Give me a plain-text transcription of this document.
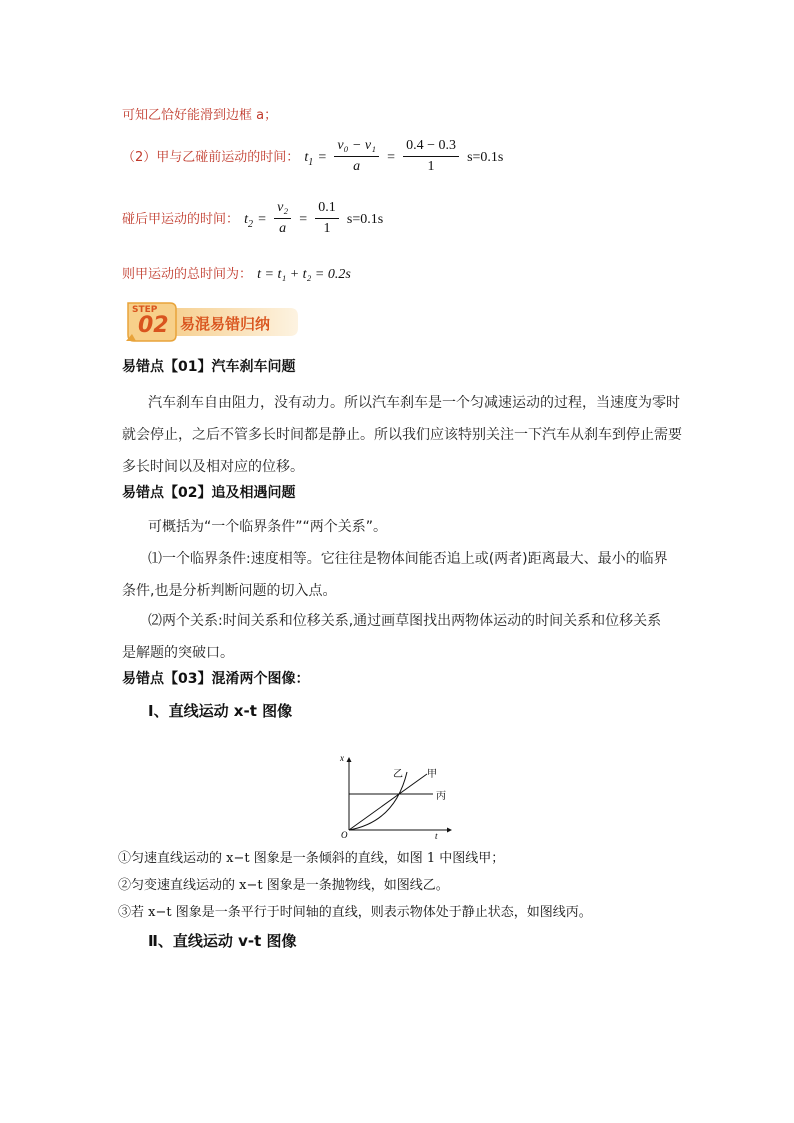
可知乙恰好能滑到边框 a；
（2）甲与乙碰前运动的时间： $t_1 = \frac{\text{v₀ − v₁}}{a} = \frac{0.4 - 0.3}{1} s=0.1s$
碰后甲运动的时间： $t_2 = \frac{\text{v₂}}{a} = \frac{0.1}{1} s=0.1s$
则甲运动的总时间为： t = t₁ + t₂ = 0.2s
STEP
02 易混易错归纳
易错点【01】汽车刹车问题
汽车刹车自由阻力，没有动力。所以汽车刹车是一个匀减速运动的过程，当速度为零时
就会停止，之后不管多长时间都是静止。所以我们应该特别关注一下汽车从刹车到停止需要
多长时间以及相对应的位移。
易错点【02】追及相遇问题
可概括为“一个临界条件”“两个关系”。
⑴一个临界条件:速度相等。它往往是物体间能否追上或(两者)距离最大、最小的临界
条件,也是分析判断问题的切入点。
⑵两个关系:时间关系和位移关系,通过画草图找出两物体运动的时间关系和位移关系
是解题的突破口。
易错点【03】混淆两个图像：
Ⅰ、直线运动 x-t 图像
x
t
O
乙 甲
丙
①匀速直线运动的 x−t 图象是一条倾斜的直线，如图 1 中图线甲；
②匀变速直线运动的 x−t 图象是一条抛物线，如图线乙。
③若 x−t 图象是一条平行于时间轴的直线，则表示物体处于静止状态，如图线丙。
Ⅱ、直线运动 v-t 图像
